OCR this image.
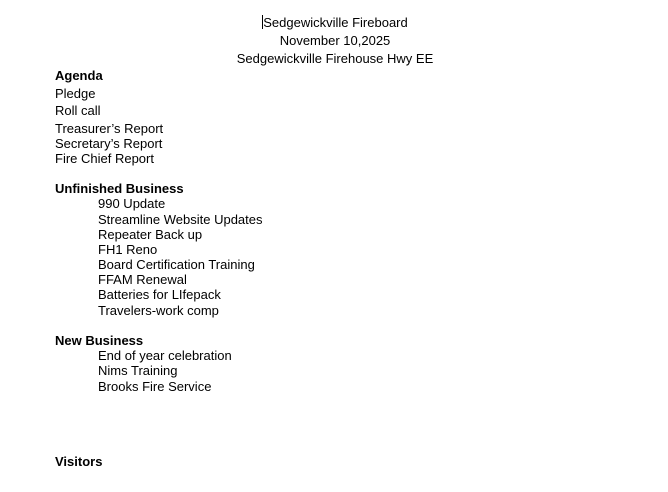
Sedgewickville Fireboard
November 10,2025
Sedgewickville Firehouse Hwy EE
Agenda
Pledge
Roll call
Treasurer’s Report
Secretary’s Report
Fire Chief Report
Unfinished Business
990 Update
Streamline Website Updates
Repeater Back up
FH1 Reno
Board Certification Training
FFAM Renewal
Batteries for LIfepack
Travelers-work comp
New Business
End of year celebration
Nims Training
Brooks Fire Service
Visitors
